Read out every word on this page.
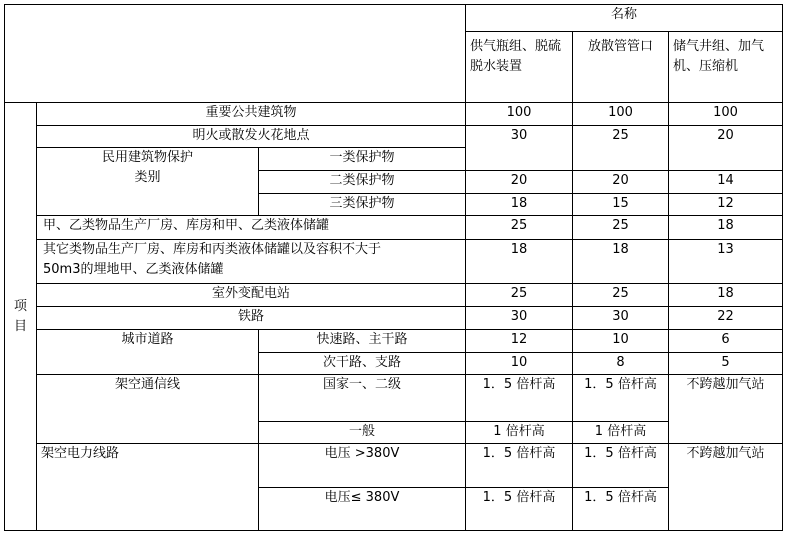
			名称		
			供气瓶组、脱硫脱水装置	放散管管口	储气井组、加气机、压缩机
项目	重要公共建筑物		100	100	100
	明火或散发火花地点		30	25	20
	民用建筑物保护类别	一类保护物			
		二类保护物	20	20	14
		三类保护物	18	15	12
	甲、乙类物品生产厂房、库房和甲、乙类液体储罐		25	25	18
	其它类物品生产厂房、库房和丙类液体储罐以及容积不大于 50m3的埋地甲、乙类液体储罐		18	18	13
	室外变配电站		25	25	18
	铁路		30	30	22
	城市道路	快速路、主干路	12	10	6
		次干路、支路	10	8	5
	架空通信线	国家一、二级	1．5 倍杆高	1．5 倍杆高	不跨越加气站
		一般	1 倍杆高	1 倍杆高	
	架空电力线路	电压 >380V	1．5 倍杆高	1．5 倍杆高	不跨越加气站
		电压≤ 380V	1．5 倍杆高	1．5 倍杆高	
